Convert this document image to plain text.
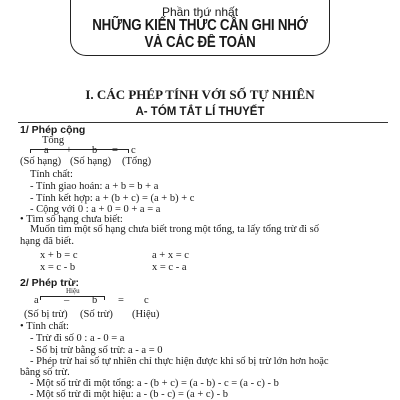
Phần thứ nhất
NHỮNG KIẾN THỨC CẦN GHI NHỚ
VÀ CÁC ĐỀ TOÁN
I. CÁC PHÉP TÍNH VỚI SỐ TỰ NHIÊN
A- TÓM TẮT LÍ THUYẾT
1/ Phép cộng
Tổng
a + b = c
(Số hạng) (Số hạng) (Tổng)
Tính chất:
- Tính giao hoán: a + b = b + a
- Tính kết hợp: a + (b + c) = (a + b) + c
- Cộng với 0 : a + 0 = 0 + a = a
• Tìm số hạng chưa biết:
Muốn tìm một số hạng chưa biết trong một tổng, ta lấy tổng trừ đi số
hạng đã biết.
x + b = c	a + x = c
x = c - b	x = c - a
2/ Phép trừ:
Hiệu
a – b = c
(Số bị trừ) (Số trừ) (Hiệu)
• Tính chất:
- Trừ đi số 0 : a - 0 = a
- Số bị trừ bằng số trừ: a - a = 0
- Phép trừ hai số tự nhiên chỉ thực hiện được khi số bị trừ lớn hơn hoặc
bằng số trừ.
- Một số trừ đi một tổng: a - (b + c) = (a - b) - c = (a - c) - b
- Một số trừ đi một hiệu: a - (b - c) = (a + c) - b
